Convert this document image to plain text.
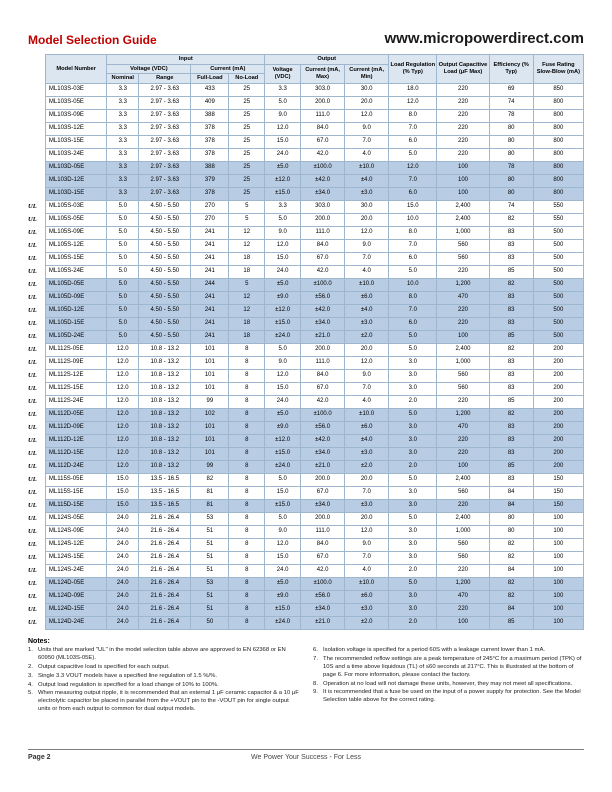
Model Selection Guide	www.micropowerdirect.com
	Model Number	Input				Output			Load Regulation (% Typ)	Output Capacitive Load (μF Max)	Efficiency (% Typ)	Fuse Rating Slow-Blow (mA)
		Voltage (VDC)		Current (mA)		Voltage (VDC)	Current (mA, Max)	Current (mA, Min)				
		Nominal	Range	Full-Load	No-Load							
	ML103S-03E	3.3	2.97 - 3.63	433	25	3.3	303.0	30.0	18.0	220	69	850
	ML103S-05E	3.3	2.97 - 3.63	409	25	5.0	200.0	20.0	12.0	220	74	800
	ML103S-09E	3.3	2.97 - 3.63	388	25	9.0	111.0	12.0	8.0	220	78	800
	ML103S-12E	3.3	2.97 - 3.63	378	25	12.0	84.0	9.0	7.0	220	80	800
	ML103S-15E	3.3	2.97 - 3.63	378	25	15.0	67.0	7.0	6.0	220	80	800
	ML103S-24E	3.3	2.97 - 3.63	378	25	24.0	42.0	4.0	5.0	220	80	800
	ML103D-05E	3.3	2.97 - 3.63	388	25	±5.0	±100.0	±10.0	12.0	100	78	800
	ML103D-12E	3.3	2.97 - 3.63	379	25	±12.0	±42.0	±4.0	7.0	100	80	800
	ML103D-15E	3.3	2.97 - 3.63	378	25	±15.0	±34.0	±3.0	6.0	100	80	800
UL	ML105S-03E	5.0	4.50 - 5.50	270	5	3.3	303.0	30.0	15.0	2,400	74	550
UL	ML105S-05E	5.0	4.50 - 5.50	270	5	5.0	200.0	20.0	10.0	2,400	82	550
UL	ML105S-09E	5.0	4.50 - 5.50	241	12	9.0	111.0	12.0	8.0	1,000	83	500
UL	ML105S-12E	5.0	4.50 - 5.50	241	12	12.0	84.0	9.0	7.0	560	83	500
UL	ML105S-15E	5.0	4.50 - 5.50	241	18	15.0	67.0	7.0	6.0	560	83	500
UL	ML105S-24E	5.0	4.50 - 5.50	241	18	24.0	42.0	4.0	5.0	220	85	500
UL	ML105D-05E	5.0	4.50 - 5.50	244	5	±5.0	±100.0	±10.0	10.0	1,200	82	500
UL	ML105D-09E	5.0	4.50 - 5.50	241	12	±9.0	±56.0	±6.0	8.0	470	83	500
UL	ML105D-12E	5.0	4.50 - 5.50	241	12	±12.0	±42.0	±4.0	7.0	220	83	500
UL	ML105D-15E	5.0	4.50 - 5.50	241	18	±15.0	±34.0	±3.0	6.0	220	83	500
UL	ML105D-24E	5.0	4.50 - 5.50	241	18	±24.0	±21.0	±2.0	5.0	100	85	500
UL	ML112S-05E	12.0	10.8 - 13.2	101	8	5.0	200.0	20.0	5.0	2,400	82	200
UL	ML112S-09E	12.0	10.8 - 13.2	101	8	9.0	111.0	12.0	3.0	1,000	83	200
UL	ML112S-12E	12.0	10.8 - 13.2	101	8	12.0	84.0	9.0	3.0	560	83	200
UL	ML112S-15E	12.0	10.8 - 13.2	101	8	15.0	67.0	7.0	3.0	560	83	200
UL	ML112S-24E	12.0	10.8 - 13.2	99	8	24.0	42.0	4.0	2.0	220	85	200
UL	ML112D-05E	12.0	10.8 - 13.2	102	8	±5.0	±100.0	±10.0	5.0	1,200	82	200
UL	ML112D-09E	12.0	10.8 - 13.2	101	8	±9.0	±56.0	±6.0	3.0	470	83	200
UL	ML112D-12E	12.0	10.8 - 13.2	101	8	±12.0	±42.0	±4.0	3.0	220	83	200
UL	ML112D-15E	12.0	10.8 - 13.2	101	8	±15.0	±34.0	±3.0	3.0	220	83	200
UL	ML112D-24E	12.0	10.8 - 13.2	99	8	±24.0	±21.0	±2.0	2.0	100	85	200
UL	ML115S-05E	15.0	13.5 - 16.5	82	8	5.0	200.0	20.0	5.0	2,400	83	150
UL	ML115S-15E	15.0	13.5 - 16.5	81	8	15.0	67.0	7.0	3.0	560	84	150
UL	ML115D-15E	15.0	13.5 - 16.5	81	8	±15.0	±34.0	±3.0	3.0	220	84	150
UL	ML124S-05E	24.0	21.6 - 26.4	53	8	5.0	200.0	20.0	5.0	2,400	80	100
UL	ML124S-09E	24.0	21.6 - 26.4	51	8	9.0	111.0	12.0	3.0	1,000	80	100
UL	ML124S-12E	24.0	21.6 - 26.4	51	8	12.0	84.0	9.0	3.0	560	82	100
UL	ML124S-15E	24.0	21.6 - 26.4	51	8	15.0	67.0	7.0	3.0	560	82	100
UL	ML124S-24E	24.0	21.6 - 26.4	51	8	24.0	42.0	4.0	2.0	220	84	100
UL	ML124D-05E	24.0	21.6 - 26.4	53	8	±5.0	±100.0	±10.0	5.0	1,200	82	100
UL	ML124D-09E	24.0	21.6 - 26.4	51	8	±9.0	±56.0	±6.0	3.0	470	82	100
UL	ML124D-15E	24.0	21.6 - 26.4	51	8	±15.0	±34.0	±3.0	3.0	220	84	100
UL	ML124D-24E	24.0	21.6 - 26.4	50	8	±24.0	±21.0	±2.0	2.0	100	85	100
Notes:
1. Units that are marked "UL" in the model selection table above are approved to EN 62368 or EN 60950 (ML103S-05E).
2. Output capacitive load is specified for each output.
3. Single 3.3 VOUT models have a specified line regulation of 1.5 %/%.
4. Output load regulation is specified for a load change of 10% to 100%.
5. When measuring output ripple, it is recommended that an external 1 μF ceramic capacitor & a 10 μF electrolytic capacitor be placed in parallel from the +VOUT pin to the -VOUT pin for single output units or from each output to common for dual output models.
6. Isolation voltage is specified for a period 60S with a leakage current lower than 1 mA.
7. The recommended reflow settings are a peak temperature of 245°C for a maximum period (TPK) of 10S and a time above liquidous (TL) of ≤60 seconds at 217°C. This is illustrated at the bottom of page 6. For more information, please contact the factory.
8. Operation at no load will not damage these units, however, they may not meet all specifications.
9. It is recommended that a fuse be used on the input of a power supply for protection. See the Model Selection table above for the correct rating.
Page 2	We Power Your Success - For Less
